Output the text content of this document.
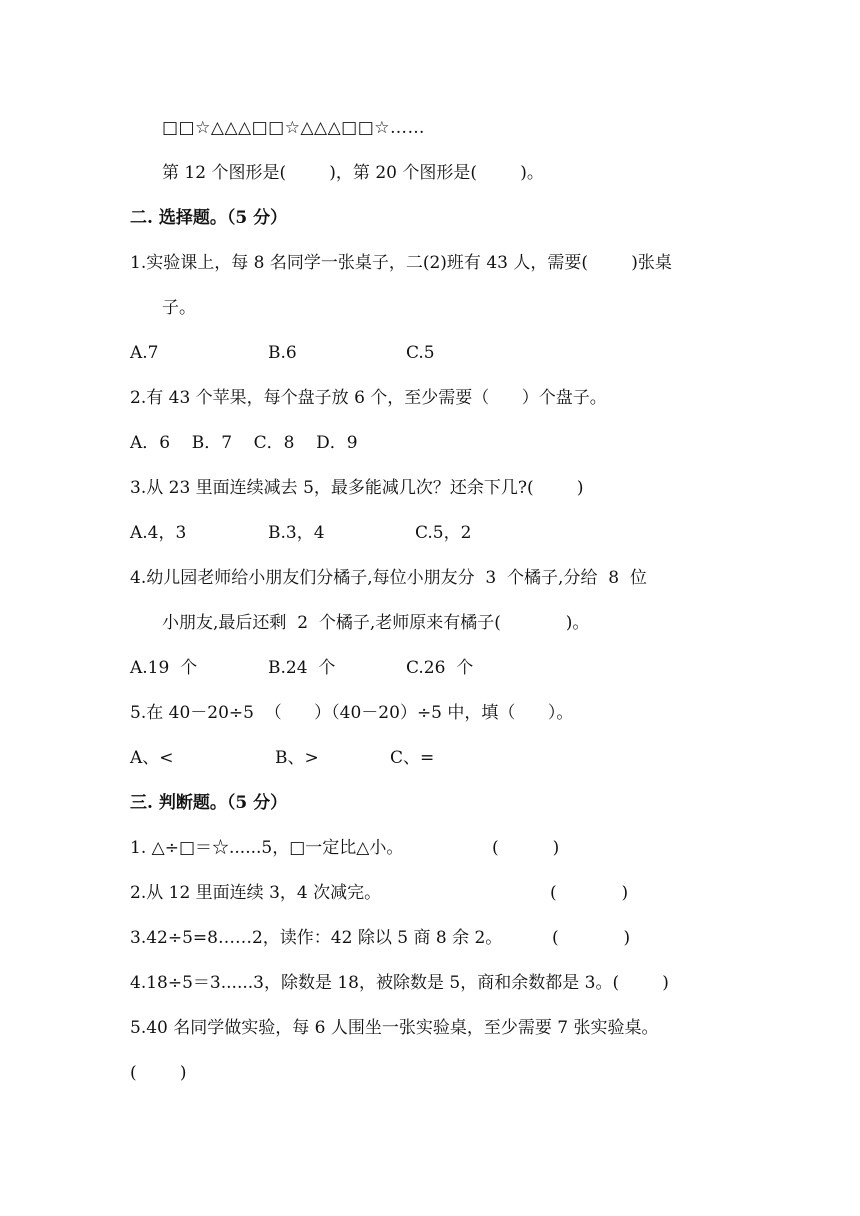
□□☆△△△□□☆△△△□□☆……
第 12 个图形是(        )，第 20 个图形是(        )。
二. 选择题。（5 分）
1.实验课上，每 8 名同学一张桌子，二(2)班有 43 人，需要(        )张桌
子。
A.7	B.6	C.5
2.有 43 个苹果，每个盘子放 6 个，至少需要（      ）个盘子。
A．6    B．7    C．8    D．9
3.从 23 里面连续减去 5，最多能减几次？还余下几?(        )
A.4，3	B.3，4	C.5，2
4.幼儿园老师给小朋友们分橘子,每位小朋友分  3  个橘子,分给  8  位
小朋友,最后还剩  2  个橘子,老师原来有橘子(            )。
A.19  个	B.24  个	C.26  个
5.在 40－20÷5  （      ）（40－20）÷5 中，填（      ）。
A、<	B、>	C、=
三. 判断题。（5 分）
1. △÷□＝☆......5，□一定比△小。	(          )
2.从 12 里面连续 3，4 次减完。	(            )
3.42÷5=8……2，读作：42 除以 5 商 8 余 2。	(            )
4.18÷5＝3......3，除数是 18，被除数是 5，商和余数都是 3。(        )
5.40 名同学做实验，每 6 人围坐一张实验桌，至少需要 7 张实验桌。
(        )
